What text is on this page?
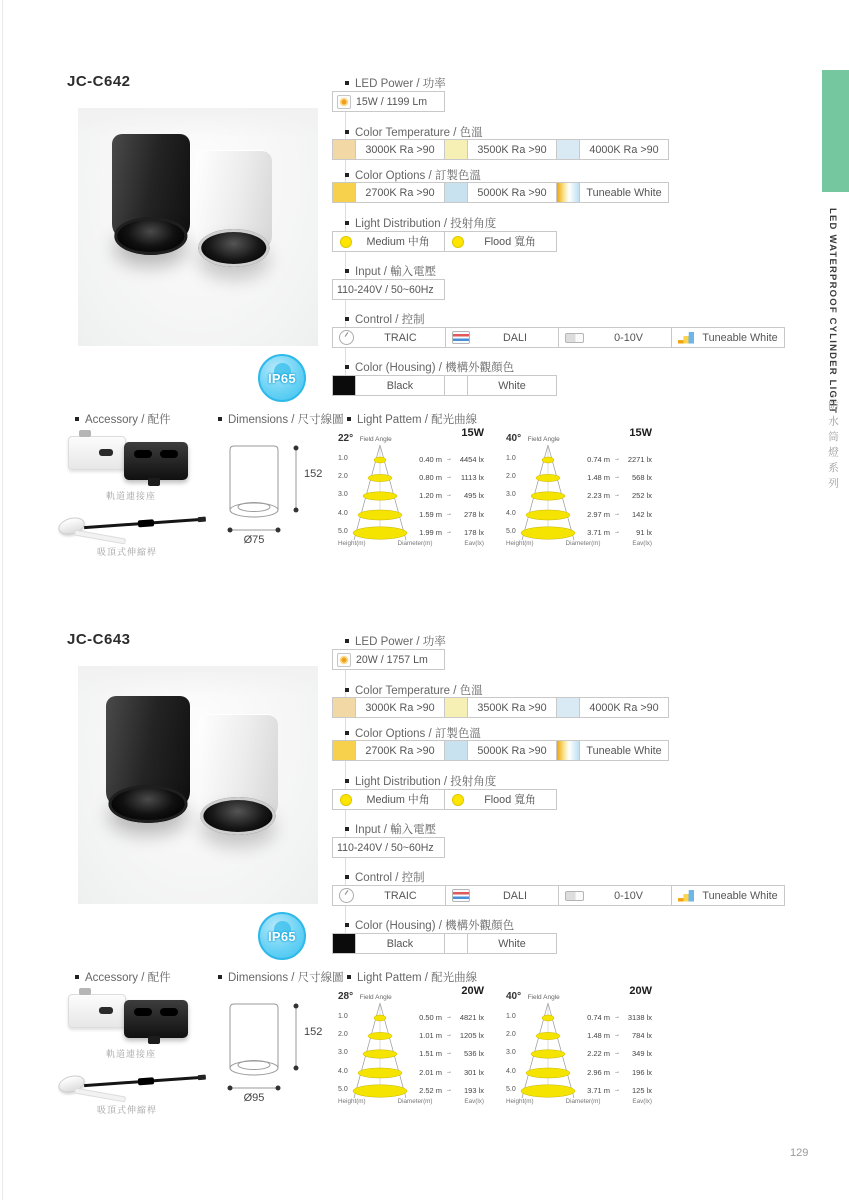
LED WATERPROOF CYLINDER LIGHT
防水筒燈系列
129
JC-C642
IP65
LED Power / 功率
15W / 1199 Lm
Color Temperature / 色溫
3000K Ra >90	3500K Ra >90	4000K Ra >90
Color Options / 訂製色溫
2700K Ra >90	5000K Ra >90	Tuneable White
Light Distribution / 投射角度
Medium 中角	Flood 寬角
Input / 輸入電壓
110-240V / 50~60Hz
Control / 控制
TRAIC	DALI	0-10V	Tuneable White
Color (Housing) / 機構外觀顏色
Black	White
Accessory / 配件
軌道連接座
吸頂式伸縮桿
Dimensions / 尺寸線圖
152
Ø75
Light Pattem / 配光曲線
22° Field Angle
15W
1.0	0.40 m →	4454 lx
2.0	0.80 m →	1113 lx
3.0	1.20 m →	495 lx
4.0	1.59 m →	278 lx
5.0	1.99 m →	178 lx
Height(m)	Diameter(m)	Eav(lx)
40° Field Angle
15W
1.0	0.74 m →	2271 lx
2.0	1.48 m →	568 lx
3.0	2.23 m →	252 lx
4.0	2.97 m →	142 lx
5.0	3.71 m →	91 lx
Height(m)	Diameter(m)	Eav(lx)
JC-C643
IP65
LED Power / 功率
20W / 1757 Lm
Color Temperature / 色溫
3000K Ra >90	3500K Ra >90	4000K Ra >90
Color Options / 訂製色溫
2700K Ra >90	5000K Ra >90	Tuneable White
Light Distribution / 投射角度
Medium 中角	Flood 寬角
Input / 輸入電壓
110-240V / 50~60Hz
Control / 控制
TRAIC	DALI	0-10V	Tuneable White
Color (Housing) / 機構外觀顏色
Black	White
Accessory / 配件
軌道連接座
吸頂式伸縮桿
Dimensions / 尺寸線圖
152
Ø95
Light Pattem / 配光曲線
28° Field Angle
20W
1.0	0.50 m →	4821 lx
2.0	1.01 m →	1205 lx
3.0	1.51 m →	536 lx
4.0	2.01 m →	301 lx
5.0	2.52 m →	193 lx
Height(m)	Diameter(m)	Eav(lx)
40° Field Angle
20W
1.0	0.74 m →	3138 lx
2.0	1.48 m →	784 lx
3.0	2.22 m →	349 lx
4.0	2.96 m →	196 lx
5.0	3.71 m →	125 lx
Height(m)	Diameter(m)	Eav(lx)
